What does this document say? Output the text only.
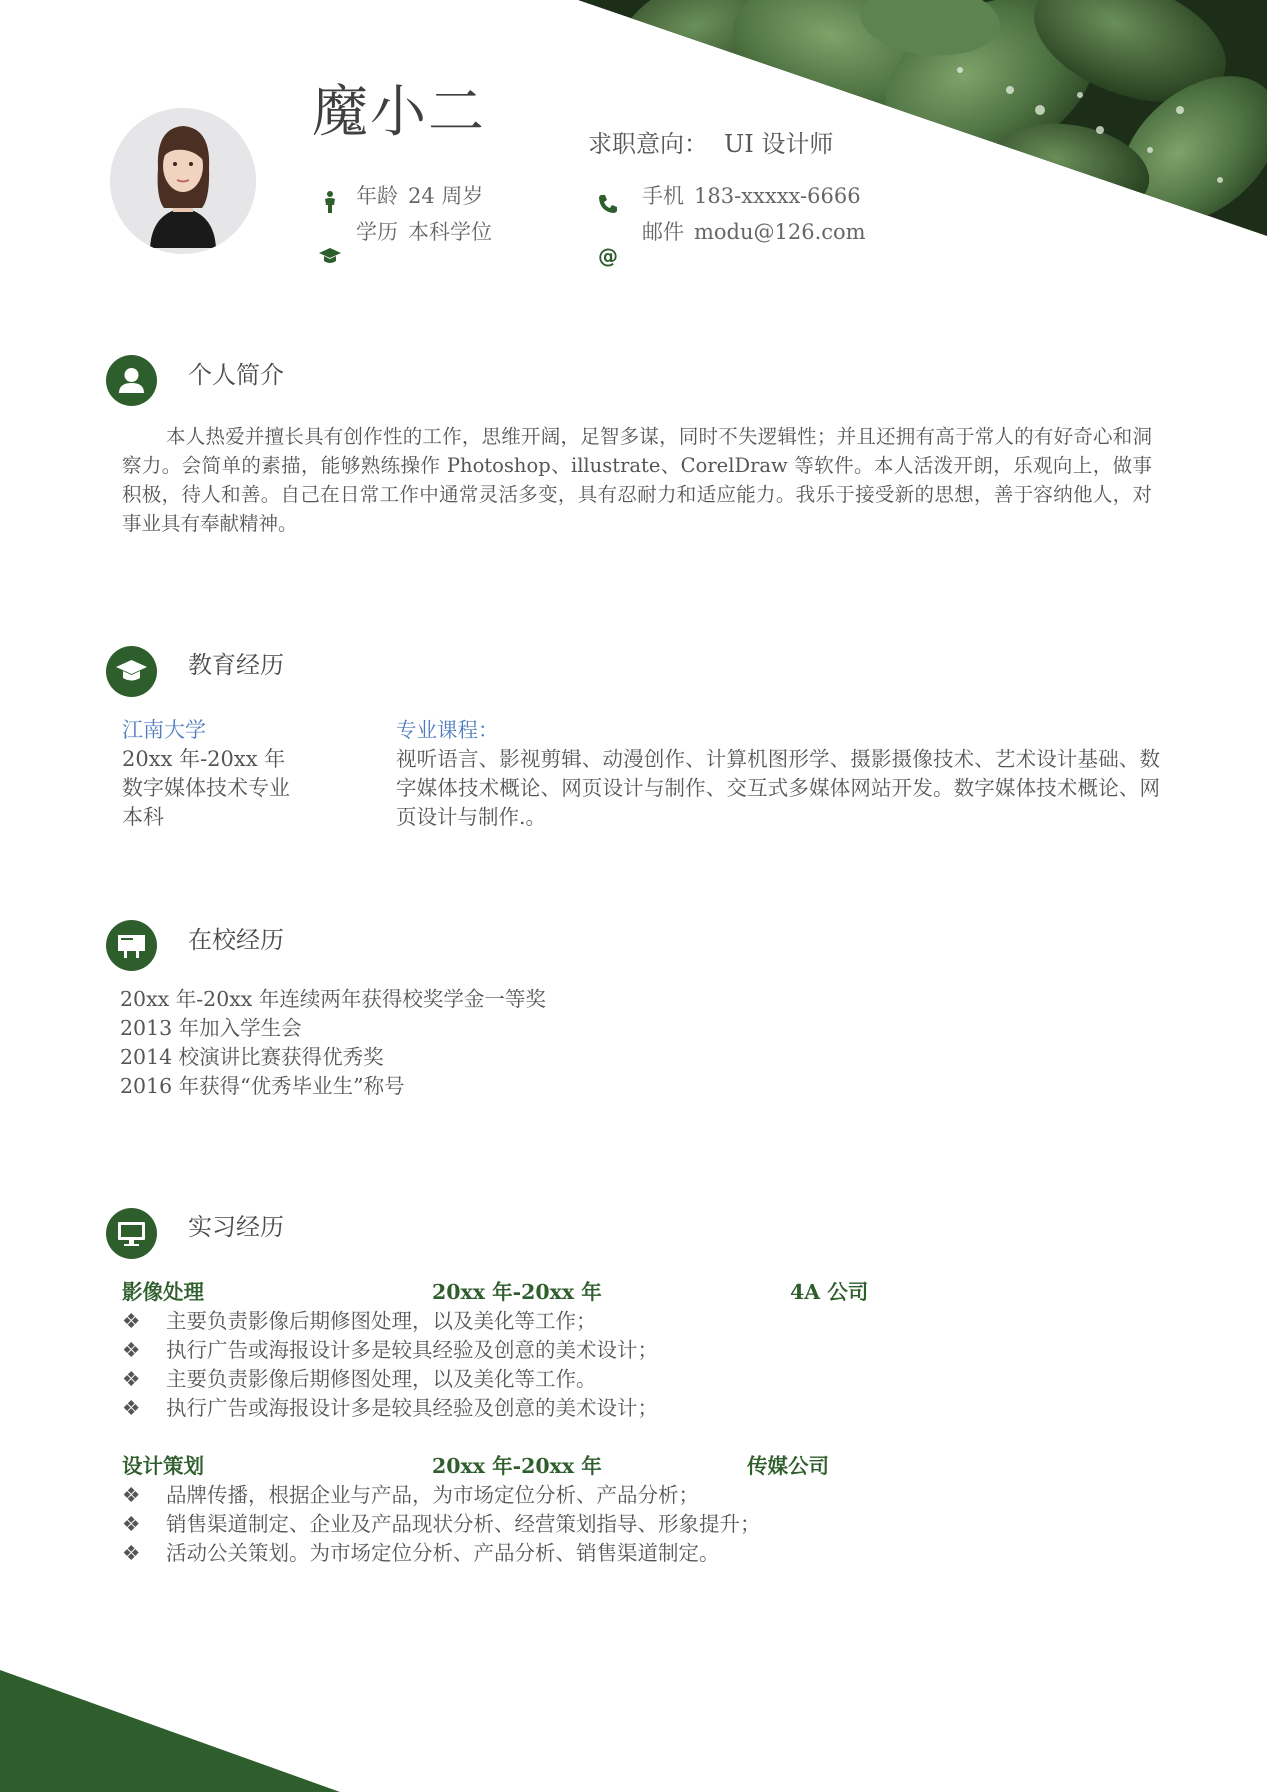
魔小二	求职意向： UI 设计师
@
年龄 24 周岁
学历 本科学位
手机 183-xxxxx-6666
邮件 modu@126.com
个人简介
本人热爱并擅长具有创作性的工作，思维开阔，足智多谋，同时不失逻辑性；并且还拥有高于常人的有好奇心和洞察力。会简单的素描，能够熟练操作 Photoshop、illustrate、CorelDraw 等软件。本人活泼开朗，乐观向上，做事积极，待人和善。自己在日常工作中通常灵活多变，具有忍耐力和适应能力。我乐于接受新的思想，善于容纳他人，对事业具有奉献精神。
教育经历
江南大学
20xx 年-20xx 年
数字媒体技术专业
本科
专业课程：
视听语言、影视剪辑、动漫创作、计算机图形学、摄影摄像技术、艺术设计基础、数字媒体技术概论、网页设计与制作、交互式多媒体网站开发。数字媒体技术概论、网页设计与制作.。
在校经历
20xx 年-20xx 年连续两年获得校奖学金一等奖
2013 年加入学生会
2014 校演讲比赛获得优秀奖
2016 年获得“优秀毕业生”称号
实习经历
影像处理	20xx 年-20xx 年	4A 公司
❖ 主要负责影像后期修图处理，以及美化等工作；
❖ 执行广告或海报设计多是较具经验及创意的美术设计；
❖ 主要负责影像后期修图处理，以及美化等工作。
❖ 执行广告或海报设计多是较具经验及创意的美术设计；
设计策划	20xx 年-20xx 年	传媒公司
❖ 品牌传播，根据企业与产品，为市场定位分析、产品分析；
❖ 销售渠道制定、企业及产品现状分析、经营策划指导、形象提升；
❖ 活动公关策划。为市场定位分析、产品分析、销售渠道制定。
